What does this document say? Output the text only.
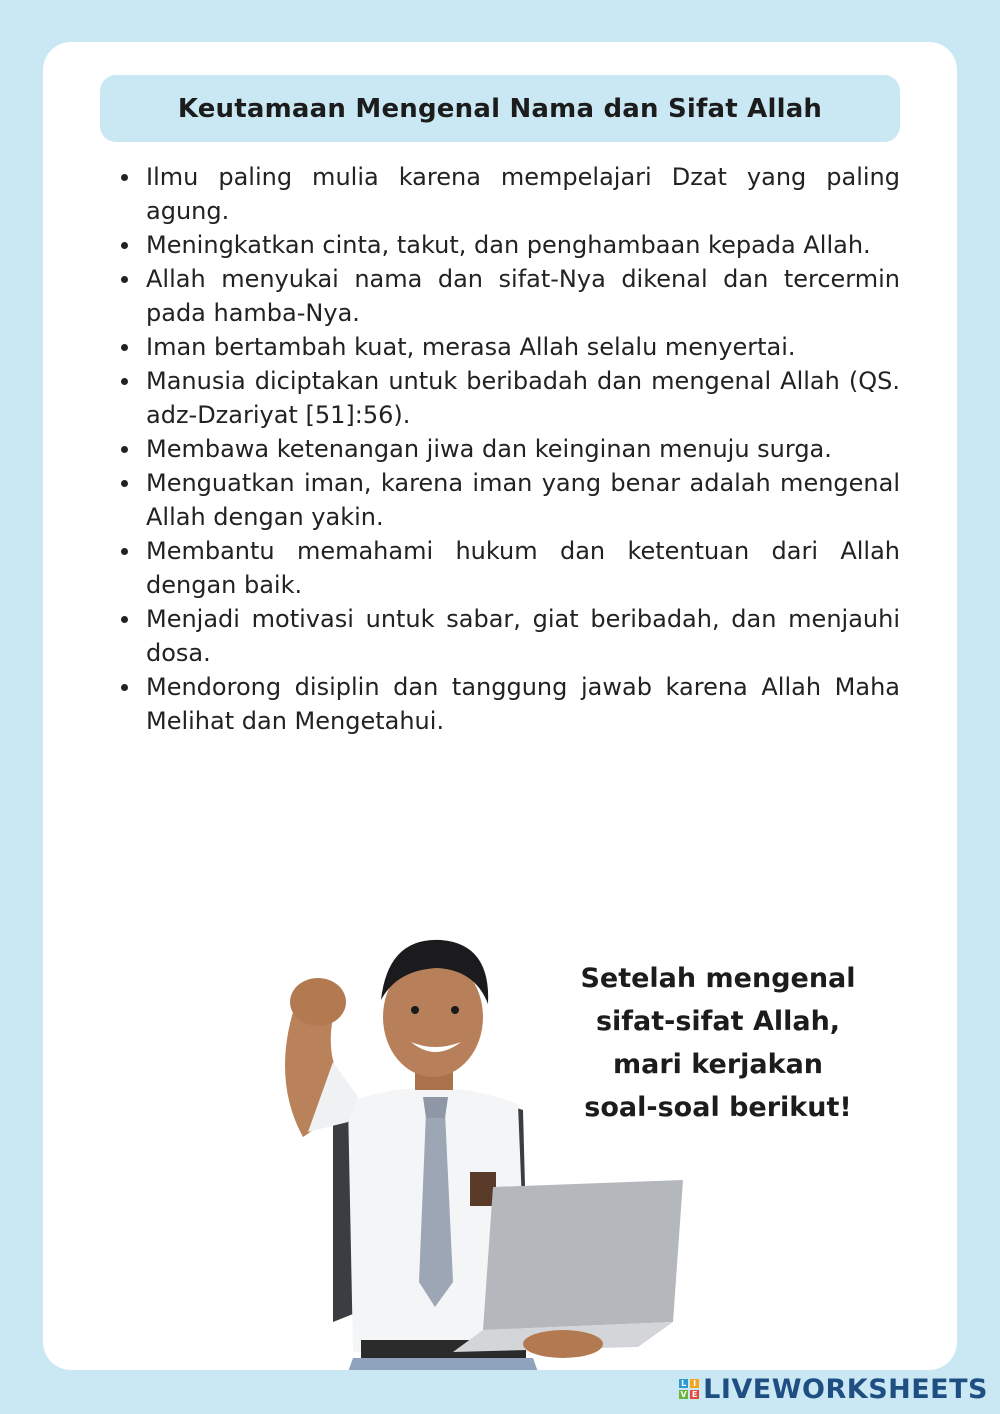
Keutamaan Mengenal Nama dan Sifat Allah
Ilmu paling mulia karena mempelajari Dzat yang paling agung.
Meningkatkan cinta, takut, dan penghambaan kepada Allah.
Allah menyukai nama dan sifat-Nya dikenal dan tercermin pada hamba-Nya.
Iman bertambah kuat, merasa Allah selalu menyertai.
Manusia diciptakan untuk beribadah dan mengenal Allah (QS. adz-Dzariyat [51]:56).
Membawa ketenangan jiwa dan keinginan menuju surga.
Menguatkan iman, karena iman yang benar adalah mengenal Allah dengan yakin.
Membantu memahami hukum dan ketentuan dari Allah dengan baik.
Menjadi motivasi untuk sabar, giat beribadah, dan menjauhi dosa.
Mendorong disiplin dan tanggung jawab karena Allah Maha Melihat dan Mengetahui.
Setelah mengenal
sifat-sifat Allah,
mari kerjakan
soal-soal berikut!
L I
V E LIVEWORKSHEETS
